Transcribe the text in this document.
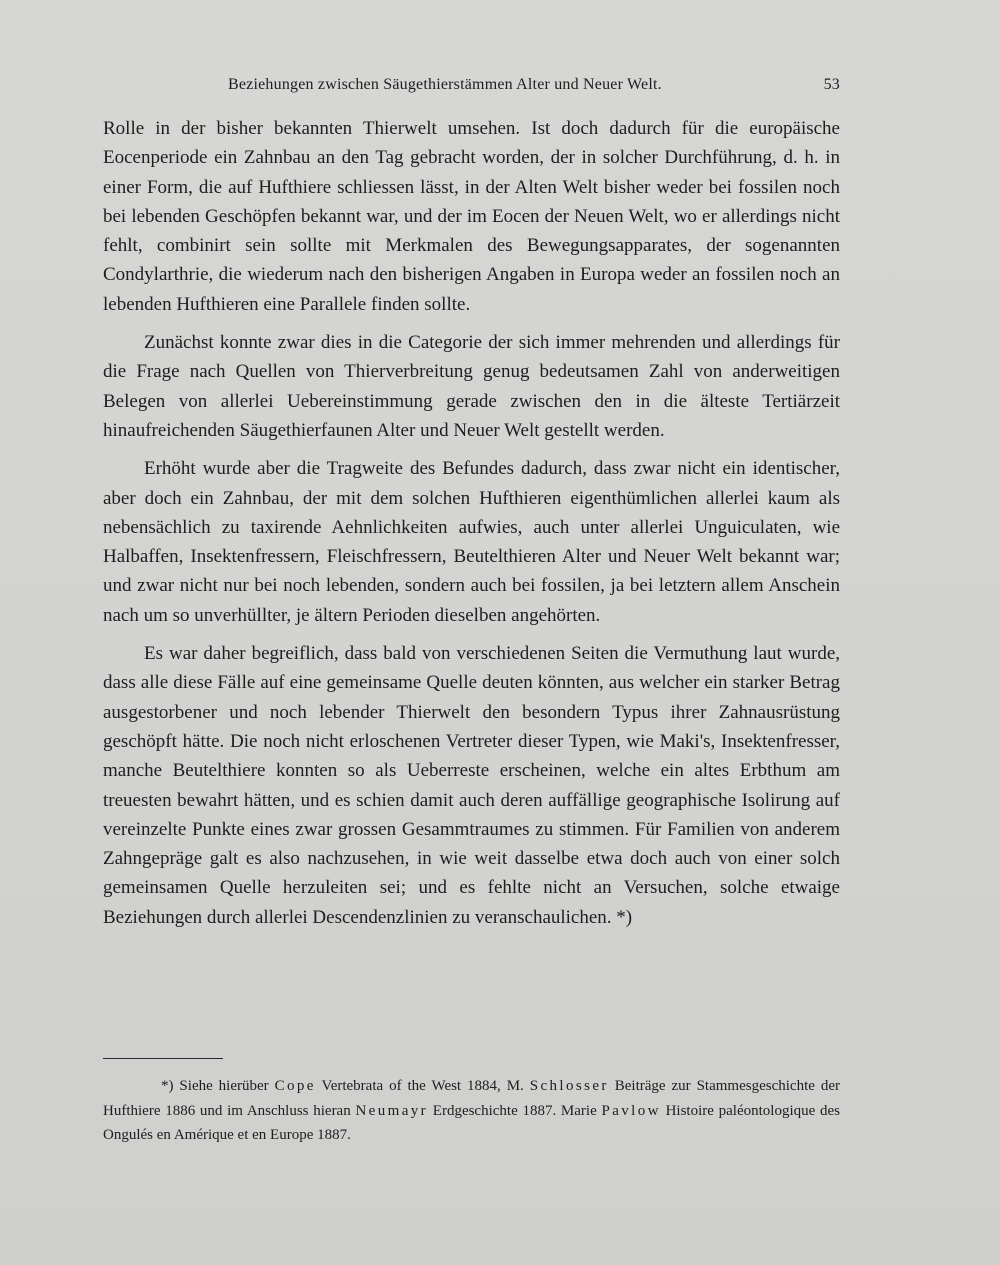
Beziehungen zwischen Säugethierstämmen Alter und Neuer Welt.	53

Rolle in der bisher bekannten Thierwelt umsehen. Ist doch dadurch für die europäische Eocenperiode ein Zahnbau an den Tag gebracht worden, der in solcher Durchführung, d. h. in einer Form, die auf Hufthiere schliessen lässt, in der Alten Welt bisher weder bei fossilen noch bei lebenden Geschöpfen bekannt war, und der im Eocen der Neuen Welt, wo er allerdings nicht fehlt, combinirt sein sollte mit Merkmalen des Bewegungsapparates, der sogenannten Condylarthrie, die wiederum nach den bisherigen Angaben in Europa weder an fossilen noch an lebenden Hufthieren eine Parallele finden sollte.

Zunächst konnte zwar dies in die Categorie der sich immer mehrenden und allerdings für die Frage nach Quellen von Thierverbreitung genug bedeutsamen Zahl von anderweitigen Belegen von allerlei Uebereinstimmung gerade zwischen den in die älteste Tertiärzeit hinaufreichenden Säugethierfaunen Alter und Neuer Welt gestellt werden.

Erhöht wurde aber die Tragweite des Befundes dadurch, dass zwar nicht ein identischer, aber doch ein Zahnbau, der mit dem solchen Hufthieren eigenthümlichen allerlei kaum als nebensächlich zu taxirende Aehnlichkeiten aufwies, auch unter allerlei Unguiculaten, wie Halbaffen, Insektenfressern, Fleischfressern, Beutelthieren Alter und Neuer Welt bekannt war; und zwar nicht nur bei noch lebenden, sondern auch bei fossilen, ja bei letztern allem Anschein nach um so unverhüllter, je ältern Perioden dieselben angehörten.

Es war daher begreiflich, dass bald von verschiedenen Seiten die Vermuthung laut wurde, dass alle diese Fälle auf eine gemeinsame Quelle deuten könnten, aus welcher ein starker Betrag ausgestorbener und noch lebender Thierwelt den besondern Typus ihrer Zahnausrüstung geschöpft hätte. Die noch nicht erloschenen Vertreter dieser Typen, wie Maki's, Insektenfresser, manche Beutelthiere konnten so als Ueberreste erscheinen, welche ein altes Erbthum am treuesten bewahrt hätten, und es schien damit auch deren auffällige geographische Isolirung auf vereinzelte Punkte eines zwar grossen Gesammtraumes zu stimmen. Für Familien von anderem Zahngepräge galt es also nachzusehen, in wie weit dasselbe etwa doch auch von einer solch gemeinsamen Quelle herzuleiten sei; und es fehlte nicht an Versuchen, solche etwaige Beziehungen durch allerlei Descendenzlinien zu veranschaulichen. *)

*) Siehe hierüber Cope Vertebrata of the West 1884, M. Schlosser Beiträge zur Stammesgeschichte der Hufthiere 1886 und im Anschluss hieran Neumayr Erdgeschichte 1887. Marie Pavlow Histoire paléontologique des Ongulés en Amérique et en Europe 1887.
